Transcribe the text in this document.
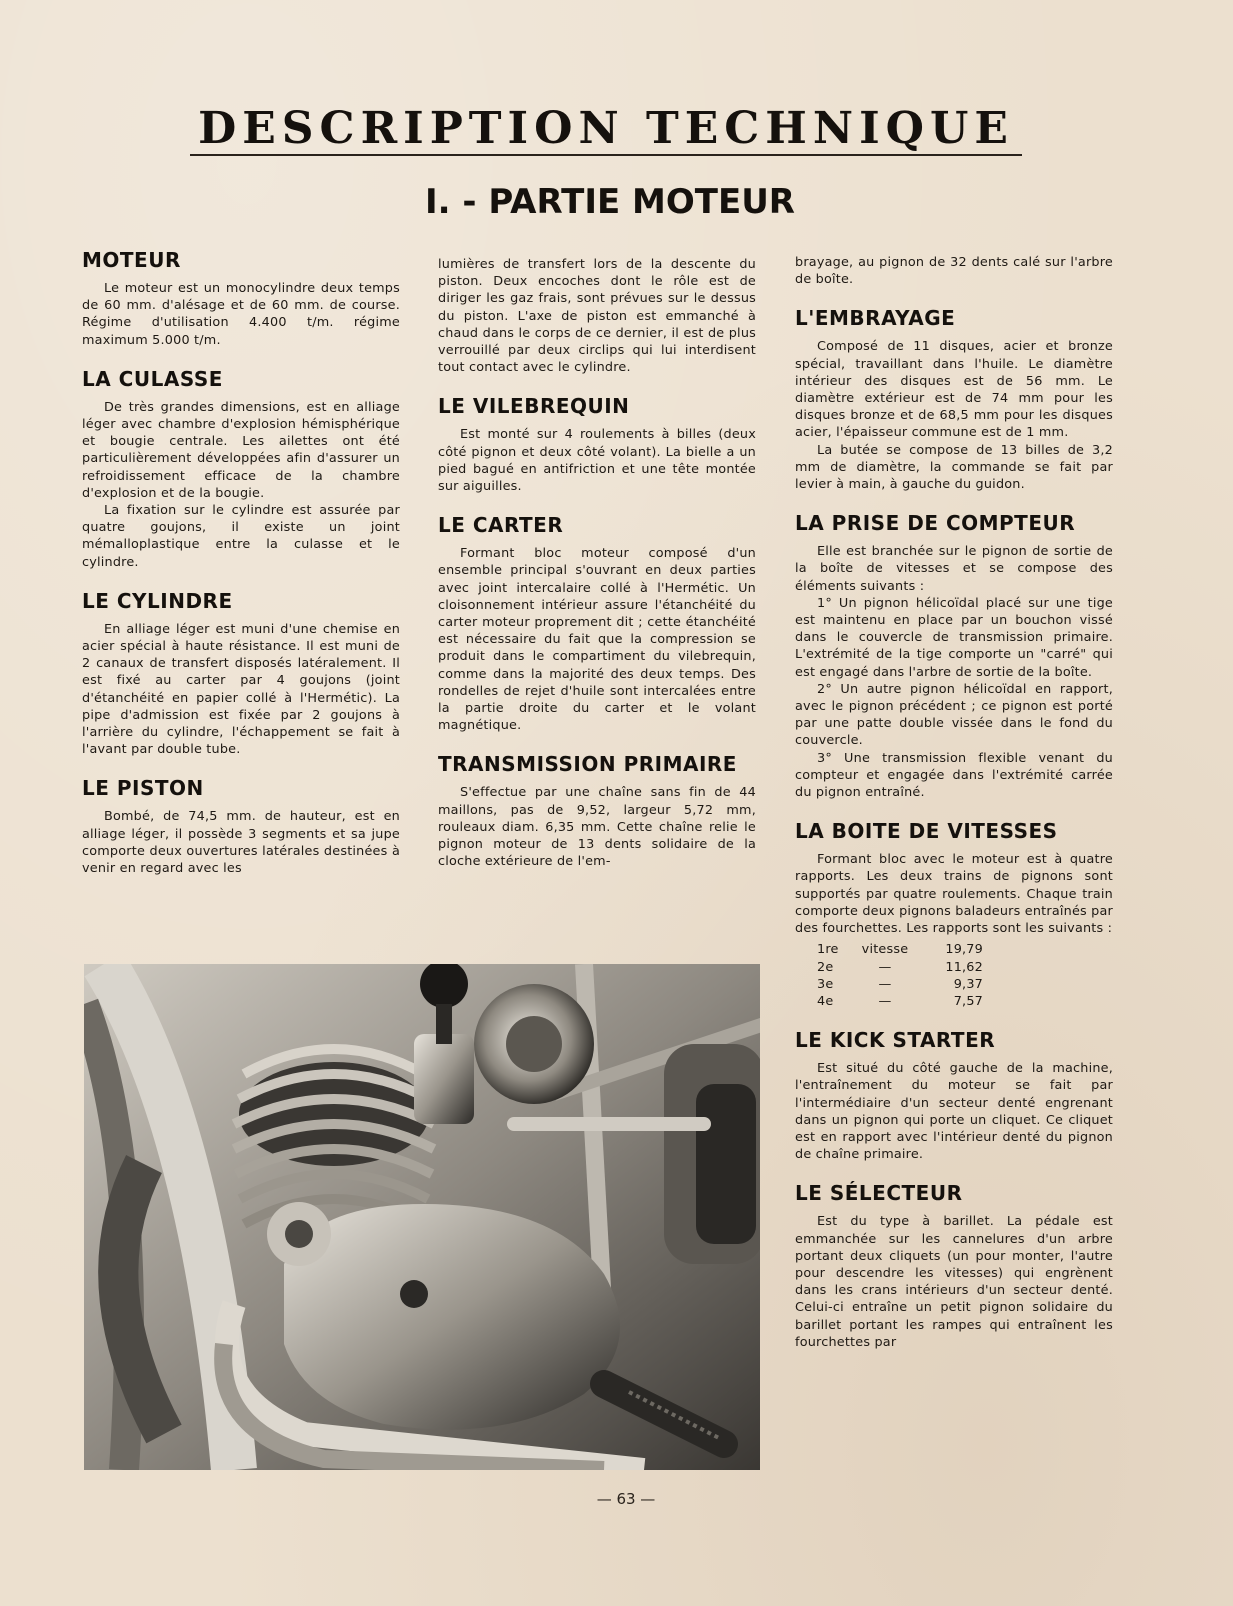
DESCRIPTION TECHNIQUE
I. - PARTIE MOTEUR
MOTEUR

Le moteur est un monocylindre deux temps de 60 mm. d'alésage et de 60 mm. de course. Régime d'utilisation 4.400 t/m. régime maximum 5.000 t/m.

LA CULASSE

De très grandes dimensions, est en alliage léger avec chambre d'explosion hémisphérique et bougie centrale. Les ailettes ont été particulièrement développées afin d'assurer un refroidissement efficace de la chambre d'explosion et de la bougie.

La fixation sur le cylindre est assurée par quatre goujons, il existe un joint mémalloplastique entre la culasse et le cylindre.

LE CYLINDRE

En alliage léger est muni d'une chemise en acier spécial à haute résistance. Il est muni de 2 canaux de transfert disposés latéralement. Il est fixé au carter par 4 goujons (joint d'étanchéité en papier collé à l'Hermétic). La pipe d'admission est fixée par 2 goujons à l'arrière du cylindre, l'échappement se fait à l'avant par double tube.

LE PISTON

Bombé, de 74,5 mm. de hauteur, est en alliage léger, il possède 3 segments et sa jupe comporte deux ouvertures latérales destinées à venir en regard avec les

lumières de transfert lors de la descente du piston. Deux encoches dont le rôle est de diriger les gaz frais, sont prévues sur le dessus du piston. L'axe de piston est emmanché à chaud dans le corps de ce dernier, il est de plus verrouillé par deux circlips qui lui interdisent tout contact avec le cylindre.

LE VILEBREQUIN

Est monté sur 4 roulements à billes (deux côté pignon et deux côté volant). La bielle a un pied bagué en antifriction et une tête montée sur aiguilles.

LE CARTER

Formant bloc moteur composé d'un ensemble principal s'ouvrant en deux parties avec joint intercalaire collé à l'Hermétic. Un cloisonnement intérieur assure l'étanchéité du carter moteur proprement dit ; cette étanchéité est nécessaire du fait que la compression se produit dans le compartiment du vilebrequin, comme dans la majorité des deux temps. Des rondelles de rejet d'huile sont intercalées entre la partie droite du carter et le volant magnétique.

TRANSMISSION PRIMAIRE

S'effectue par une chaîne sans fin de 44 maillons, pas de 9,52, largeur 5,72 mm, rouleaux diam. 6,35 mm. Cette chaîne relie le pignon moteur de 13 dents solidaire de la cloche extérieure de l'em-

brayage, au pignon de 32 dents calé sur l'arbre de boîte.

L'EMBRAYAGE

Composé de 11 disques, acier et bronze spécial, travaillant dans l'huile. Le diamètre intérieur des disques est de 56 mm. Le diamètre extérieur est de 74 mm pour les disques bronze et de 68,5 mm pour les disques acier, l'épaisseur commune est de 1 mm.

La butée se compose de 13 billes de 3,2 mm de diamètre, la commande se fait par levier à main, à gauche du guidon.

LA PRISE DE COMPTEUR

Elle est branchée sur le pignon de sortie de la boîte de vitesses et se compose des éléments suivants :

1° Un pignon hélicoïdal placé sur une tige est maintenu en place par un bouchon vissé dans le couvercle de transmission primaire. L'extrémité de la tige comporte un "carré" qui est engagé dans l'arbre de sortie de la boîte.

2° Un autre pignon hélicoïdal en rapport, avec le pignon précédent ; ce pignon est porté par une patte double vissée dans le fond du couvercle.

3° Une transmission flexible venant du compteur et engagée dans l'extrémité carrée du pignon entraîné.

LA BOITE DE VITESSES

Formant bloc avec le moteur est à quatre rapports. Les deux trains de pignons sont supportés par quatre roulements. Chaque train comporte deux pignons baladeurs entraînés par des fourchettes. Les rapports sont les suivants :

1re	vitesse	19,79
2e	—	11,62
3e	—	9,37
4e	—	7,57
LE KICK STARTER

Est situé du côté gauche de la machine, l'entraînement du moteur se fait par l'intermédiaire d'un secteur denté engrenant dans un pignon qui porte un cliquet. Ce cliquet est en rapport avec l'intérieur denté du pignon de chaîne primaire.

LE SÉLECTEUR

Est du type à barillet. La pédale est emmanchée sur les cannelures d'un arbre portant deux cliquets (un pour monter, l'autre pour descendre les vitesses) qui engrènent dans les crans intérieurs d'un secteur denté. Celui-ci entraîne un petit pignon solidaire du barillet portant les rampes qui entraînent les fourchettes par

— 63 —
